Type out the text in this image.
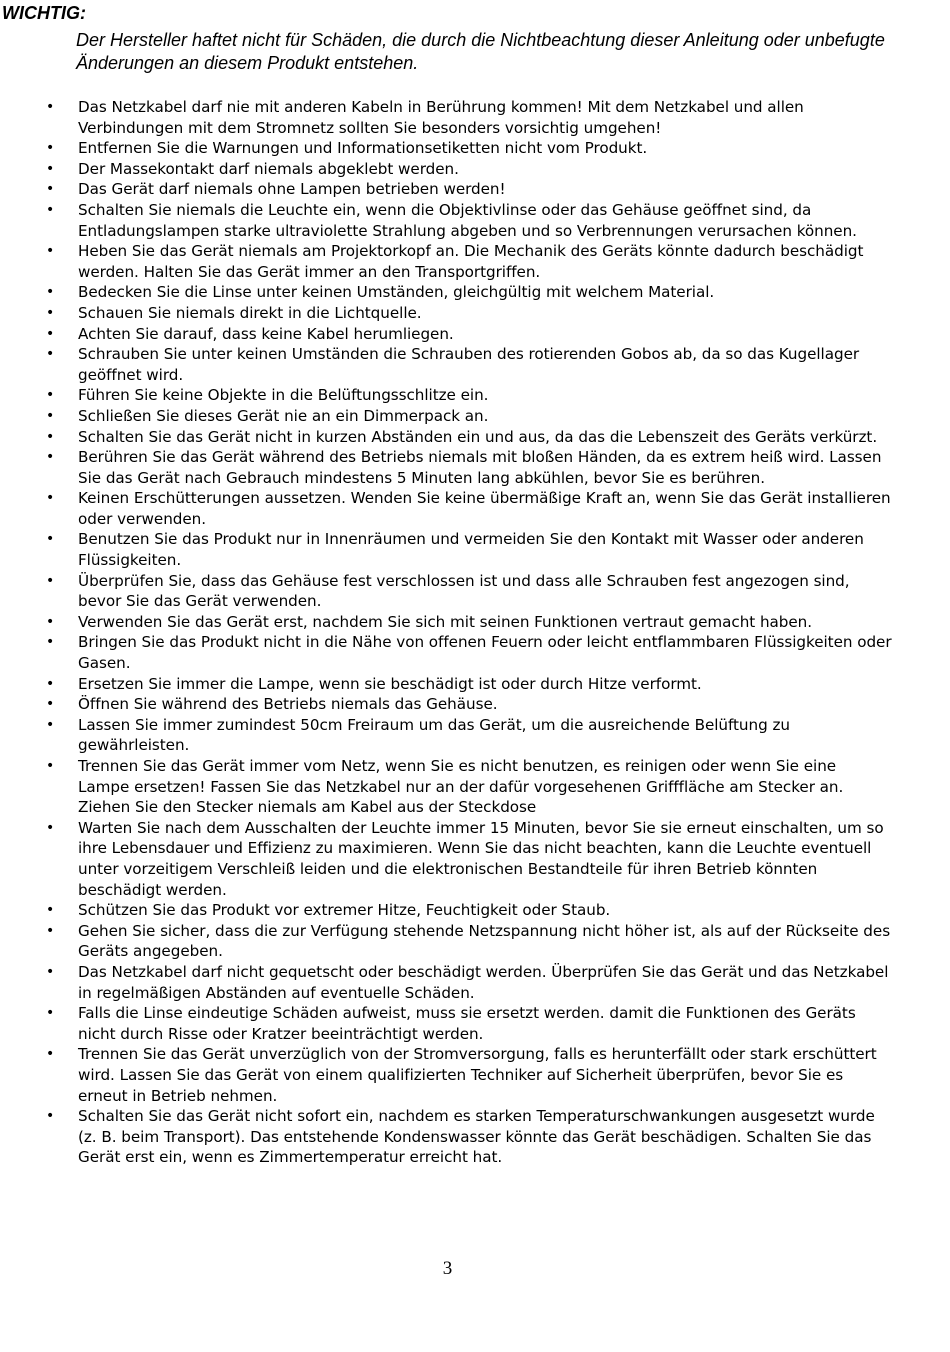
WICHTIG:
Der Hersteller haftet nicht für Schäden, die durch die Nichtbeachtung dieser Anleitung oder unbefugte Änderungen an diesem Produkt entstehen.
• Das Netzkabel darf nie mit anderen Kabeln in Berührung kommen! Mit dem Netzkabel und allen Verbindungen mit dem Stromnetz sollten Sie besonders vorsichtig umgehen!
• Entfernen Sie die Warnungen und Informationsetiketten nicht vom Produkt.
• Der Massekontakt darf niemals abgeklebt werden.
• Das Gerät darf niemals ohne Lampen betrieben werden!
• Schalten Sie niemals die Leuchte ein, wenn die Objektivlinse oder das Gehäuse geöffnet sind, da Entladungslampen starke ultraviolette Strahlung abgeben und so Verbrennungen verursachen können.
• Heben Sie das Gerät niemals am Projektorkopf an. Die Mechanik des Geräts könnte dadurch beschädigt werden. Halten Sie das Gerät immer an den Transportgriffen.
• Bedecken Sie die Linse unter keinen Umständen, gleichgültig mit welchem Material.
• Schauen Sie niemals direkt in die Lichtquelle.
• Achten Sie darauf, dass keine Kabel herumliegen.
• Schrauben Sie unter keinen Umständen die Schrauben des rotierenden Gobos ab, da so das Kugellager geöffnet wird.
• Führen Sie keine Objekte in die Belüftungsschlitze ein.
• Schließen Sie dieses Gerät nie an ein Dimmerpack an.
• Schalten Sie das Gerät nicht in kurzen Abständen ein und aus, da das die Lebenszeit des Geräts verkürzt.
• Berühren Sie das Gerät während des Betriebs niemals mit bloßen Händen, da es extrem heiß wird. Lassen Sie das Gerät nach Gebrauch mindestens 5 Minuten lang abkühlen, bevor Sie es berühren.
• Keinen Erschütterungen aussetzen. Wenden Sie keine übermäßige Kraft an, wenn Sie das Gerät installieren oder verwenden.
• Benutzen Sie das Produkt nur in Innenräumen und vermeiden Sie den Kontakt mit Wasser oder anderen Flüssigkeiten.
• Überprüfen Sie, dass das Gehäuse fest verschlossen ist und dass alle Schrauben fest angezogen sind, bevor Sie das Gerät verwenden.
• Verwenden Sie das Gerät erst, nachdem Sie sich mit seinen Funktionen vertraut gemacht haben.
• Bringen Sie das Produkt nicht in die Nähe von offenen Feuern oder leicht entflammbaren Flüssigkeiten oder Gasen.
• Ersetzen Sie immer die Lampe, wenn sie beschädigt ist oder durch Hitze verformt.
• Öffnen Sie während des Betriebs niemals das Gehäuse.
• Lassen Sie immer zumindest 50cm Freiraum um das Gerät, um die ausreichende Belüftung zu gewährleisten.
• Trennen Sie das Gerät immer vom Netz, wenn Sie es nicht benutzen, es reinigen oder wenn Sie eine Lampe ersetzen! Fassen Sie das Netzkabel nur an der dafür vorgesehenen Grifffläche am Stecker an. Ziehen Sie den Stecker niemals am Kabel aus der Steckdose
• Warten Sie nach dem Ausschalten der Leuchte immer 15 Minuten, bevor Sie sie erneut einschalten, um so ihre Lebensdauer und Effizienz zu maximieren. Wenn Sie das nicht beachten, kann die Leuchte eventuell unter vorzeitigem Verschleiß leiden und die elektronischen Bestandteile für ihren Betrieb könnten beschädigt werden.
• Schützen Sie das Produkt vor extremer Hitze, Feuchtigkeit oder Staub.
• Gehen Sie sicher, dass die zur Verfügung stehende Netzspannung nicht höher ist, als auf der Rückseite des Geräts angegeben.
• Das Netzkabel darf nicht gequetscht oder beschädigt werden. Überprüfen Sie das Gerät und das Netzkabel in regelmäßigen Abständen auf eventuelle Schäden.
• Falls die Linse eindeutige Schäden aufweist, muss sie ersetzt werden. damit die Funktionen des Geräts nicht durch Risse oder Kratzer beeinträchtigt werden.
• Trennen Sie das Gerät unverzüglich von der Stromversorgung, falls es herunterfällt oder stark erschüttert wird. Lassen Sie das Gerät von einem qualifizierten Techniker auf Sicherheit überprüfen, bevor Sie es erneut in Betrieb nehmen.
• Schalten Sie das Gerät nicht sofort ein, nachdem es starken Temperaturschwankungen ausgesetzt wurde (z. B. beim Transport). Das entstehende Kondenswasser könnte das Gerät beschädigen. Schalten Sie das Gerät erst ein, wenn es Zimmertemperatur erreicht hat.
3
